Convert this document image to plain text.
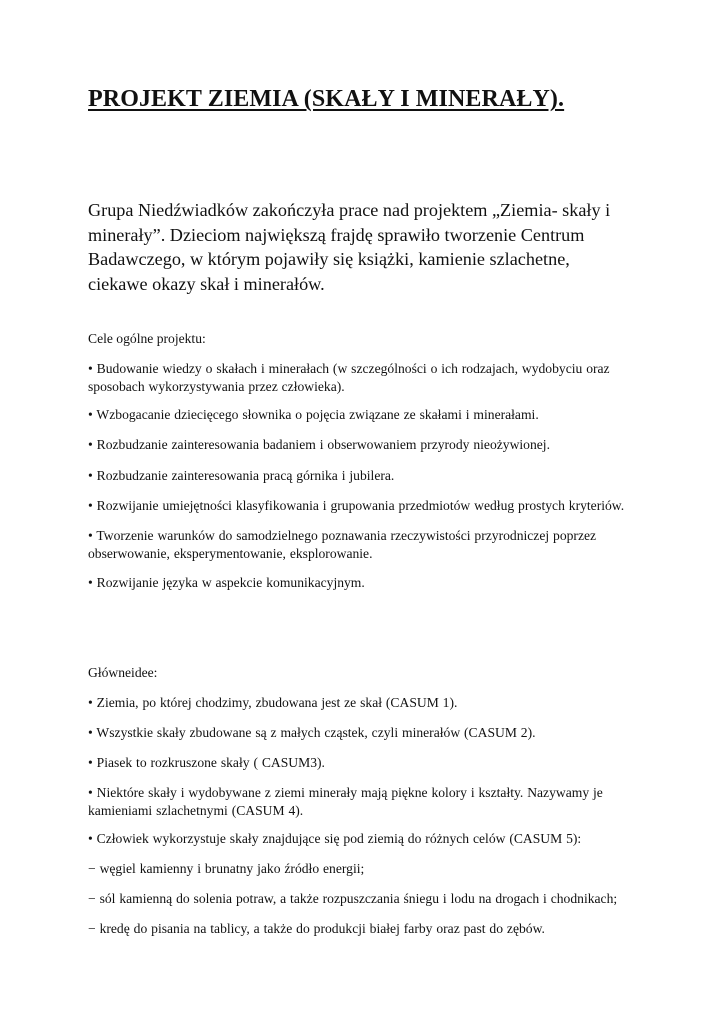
PROJEKT ZIEMIA (SKAŁY I MINERAŁY).

Grupa Niedźwiadków zakończyła prace nad projektem „Ziemia- skały i minerały”. Dzieciom największą frajdę sprawiło tworzenie Centrum Badawczego, w którym pojawiły się książki, kamienie szlachetne, ciekawe okazy skał i minerałów.

Cele ogólne projektu:

• Budowanie wiedzy o skałach i minerałach (w szczególności o ich rodzajach, wydobyciu oraz sposobach wykorzystywania przez człowieka).

• Wzbogacanie dziecięcego słownika o pojęcia związane ze skałami i minerałami.

• Rozbudzanie zainteresowania badaniem i obserwowaniem przyrody nieożywionej.

• Rozbudzanie zainteresowania pracą górnika i jubilera.

• Rozwijanie umiejętności klasyfikowania i grupowania przedmiotów według prostych kryteriów.

• Tworzenie warunków do samodzielnego poznawania rzeczywistości przyrodniczej poprzez obserwowanie, eksperymentowanie, eksplorowanie.

• Rozwijanie języka w aspekcie komunikacyjnym.

Główneidee:

• Ziemia, po której chodzimy, zbudowana jest ze skał (CASUM 1).

• Wszystkie skały zbudowane są z małych cząstek, czyli minerałów (CASUM 2).

• Piasek to rozkruszone skały ( CASUM3).

• Niektóre skały i wydobywane z ziemi minerały mają piękne kolory i kształty. Nazywamy je kamieniami szlachetnymi (CASUM 4).

• Człowiek wykorzystuje skały znajdujące się pod ziemią do różnych celów (CASUM 5):

− węgiel kamienny i brunatny jako źródło energii;

− sól kamienną do solenia potraw, a także rozpuszczania śniegu i lodu na drogach i chodnikach;

− kredę do pisania na tablicy, a także do produkcji białej farby oraz past do zębów.
